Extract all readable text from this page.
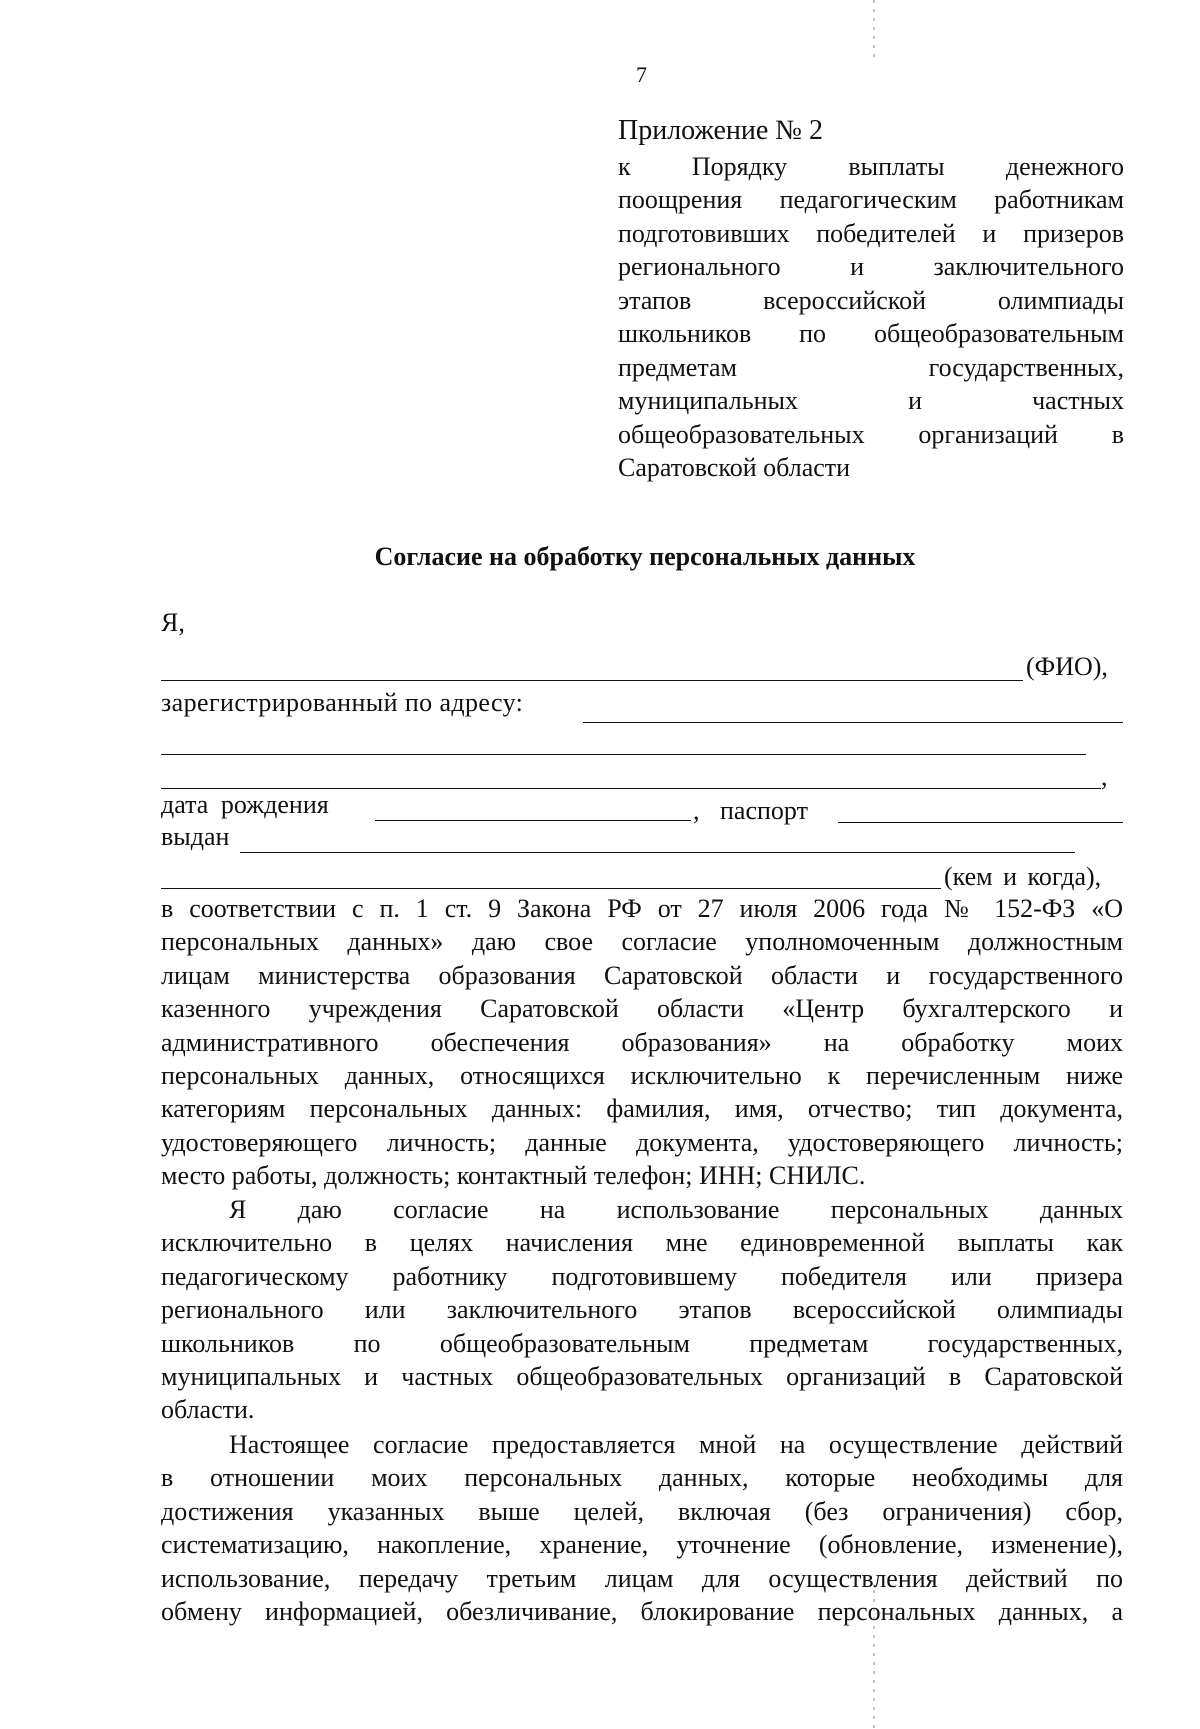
7
Приложение № 2
к Порядку выплаты денежного
поощрения педагогическим работникам
подготовивших победителей и призеров
регионального и заключительного
этапов всероссийской олимпиады
школьников по общеобразовательным
предметам государственных,
муниципальных и частных
общеобразовательных организаций в
Саратовской области
Согласие на обработку персональных данных
Я,
(ФИО),
зарегистрированный по адресу:
,
дата рождения	, паспорт
выдан
(кем и когда),
в соответствии с п. 1 ст. 9 Закона РФ от 27 июля 2006 года № 152-ФЗ «О
персональных данных» даю свое согласие уполномоченным должностным
лицам министерства образования Саратовской области и государственного
казенного учреждения Саратовской области «Центр бухгалтерского и
административного обеспечения образования» на обработку моих
персональных данных, относящихся исключительно к перечисленным ниже
категориям персональных данных: фамилия, имя, отчество; тип документа,
удостоверяющего личность; данные документа, удостоверяющего личность;
место работы, должность; контактный телефон; ИНН; СНИЛС.
Я даю согласие на использование персональных данных
исключительно в целях начисления мне единовременной выплаты как
педагогическому работнику подготовившему победителя или призера
регионального или заключительного этапов всероссийской олимпиады
школьников по общеобразовательным предметам государственных,
муниципальных и частных общеобразовательных организаций в Саратовской
области.
Настоящее согласие предоставляется мной на осуществление действий
в отношении моих персональных данных, которые необходимы для
достижения указанных выше целей, включая (без ограничения) сбор,
систематизацию, накопление, хранение, уточнение (обновление, изменение),
использование, передачу третьим лицам для осуществления действий по
обмену информацией, обезличивание, блокирование персональных данных, а
